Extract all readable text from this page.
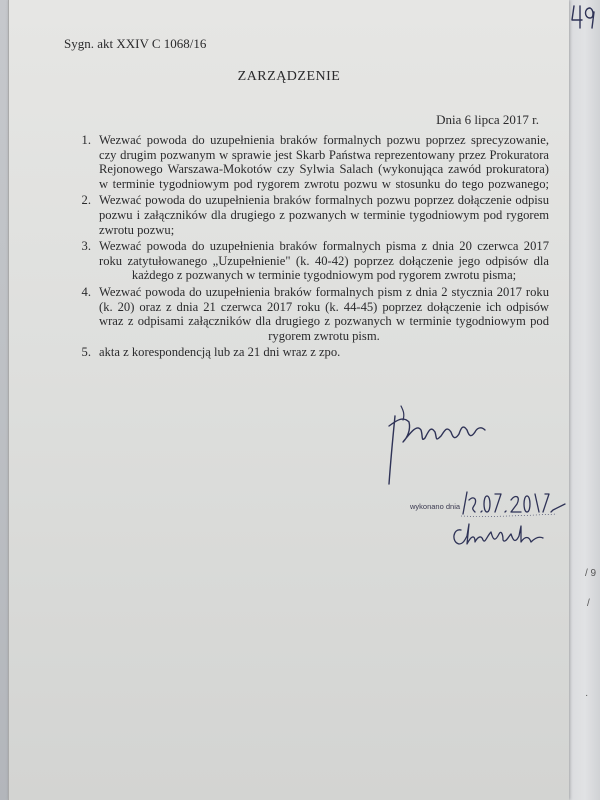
/ 9
/
·
Sygn. akt XXIV C 1068/16
ZARZĄDZENIE
Dnia 6 lipca 2017 r.
1. Wezwać powoda do uzupełnienia braków formalnych pozwu poprzez sprecyzowanie,
czy drugim pozwanym w sprawie jest Skarb Państwa reprezentowany przez Prokuratora
Rejonowego Warszawa-Mokotów czy Sylwia Salach (wykonująca zawód prokuratora)
w terminie tygodniowym pod rygorem zwrotu pozwu w stosunku do tego pozwanego;
2. Wezwać powoda do uzupełnienia braków formalnych pozwu poprzez dołączenie odpisu
pozwu i załączników dla drugiego z pozwanych w terminie tygodniowym pod rygorem
zwrotu pozwu;
3. Wezwać powoda do uzupełnienia braków formalnych pisma z dnia 20 czerwca 2017
roku zatytułowanego „Uzupełnienie" (k. 40-42) poprzez dołączenie jego odpisów dla
każdego z pozwanych w terminie tygodniowym pod rygorem zwrotu pisma;
4. Wezwać powoda do uzupełnienia braków formalnych pism z dnia 2 stycznia 2017 roku
(k. 20) oraz z dnia 21 czerwca 2017 roku (k. 44-45) poprzez dołączenie ich odpisów
wraz z odpisami załączników dla drugiego z pozwanych w terminie tygodniowym pod
rygorem zwrotu pism.
5. akta z korespondencją lub za 21 dni wraz z zpo.
wykonano dnia
